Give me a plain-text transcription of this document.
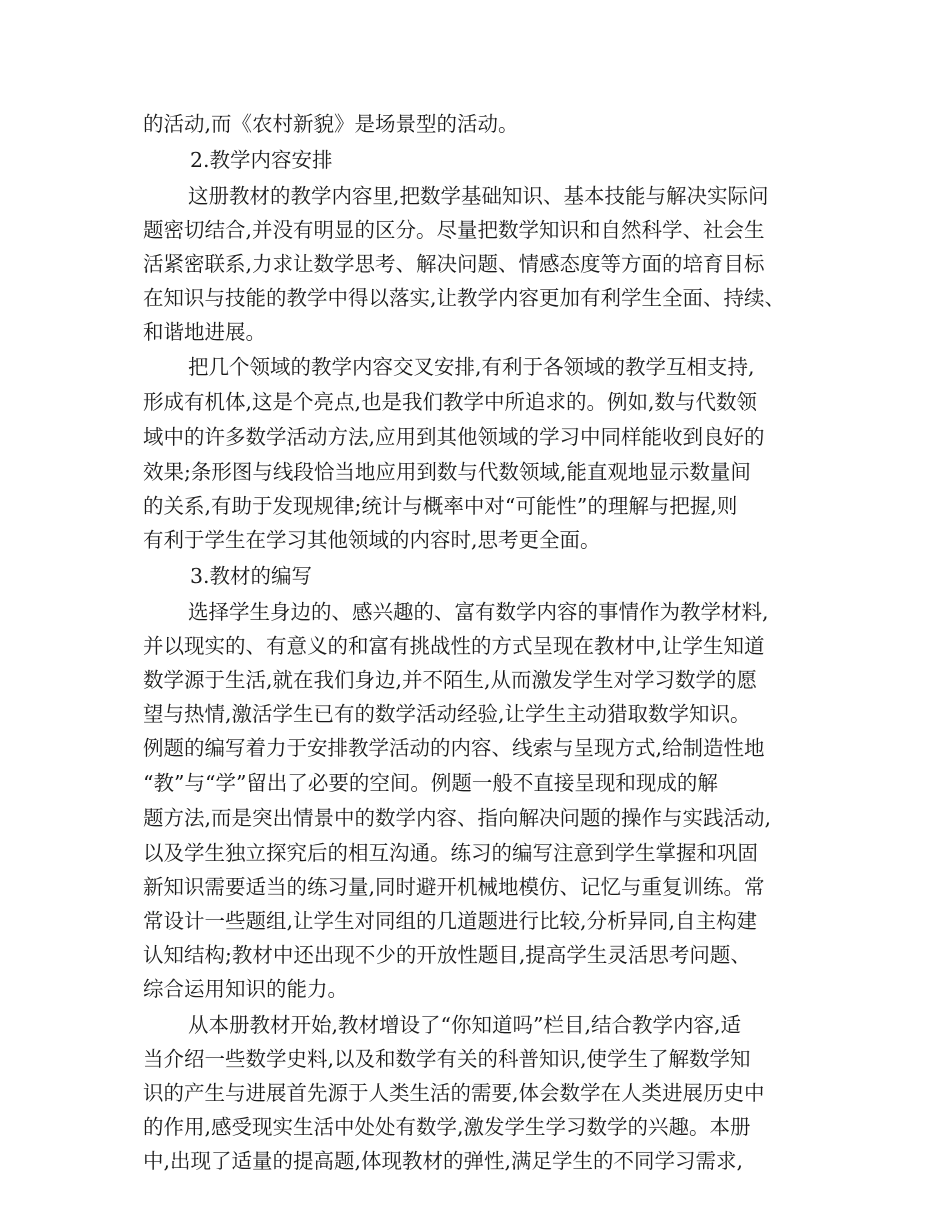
的活动,而《农村新貌》是场景型的活动。
2.教学内容安排
这册教材的教学内容里,把数学基础知识、基本技能与解决实际问
题密切结合,并没有明显的区分。尽量把数学知识和自然科学、社会生
活紧密联系,力求让数学思考、解决问题、情感态度等方面的培育目标
在知识与技能的教学中得以落实,让教学内容更加有利学生全面、持续、
和谐地进展。
把几个领域的教学内容交叉安排,有利于各领域的教学互相支持,
形成有机体,这是个亮点,也是我们教学中所追求的。例如,数与代数领
域中的许多数学活动方法,应用到其他领域的学习中同样能收到良好的
效果;条形图与线段恰当地应用到数与代数领域,能直观地显示数量间
的关系,有助于发现规律;统计与概率中对“可能性”的理解与把握,则
有利于学生在学习其他领域的内容时,思考更全面。
3.教材的编写
选择学生身边的、感兴趣的、富有数学内容的事情作为教学材料,
并以现实的、有意义的和富有挑战性的方式呈现在教材中,让学生知道
数学源于生活,就在我们身边,并不陌生,从而激发学生对学习数学的愿
望与热情,激活学生已有的数学活动经验,让学生主动猎取数学知识。
例题的编写着力于安排教学活动的内容、线索与呈现方式,给制造性地
“教”与“学”留出了必要的空间。例题一般不直接呈现和现成的解
题方法,而是突出情景中的数学内容、指向解决问题的操作与实践活动,
以及学生独立探究后的相互沟通。练习的编写注意到学生掌握和巩固
新知识需要适当的练习量,同时避开机械地模仿、记忆与重复训练。常
常设计一些题组,让学生对同组的几道题进行比较,分析异同,自主构建
认知结构;教材中还出现不少的开放性题目,提高学生灵活思考问题、
综合运用知识的能力。
从本册教材开始,教材增设了“你知道吗”栏目,结合教学内容,适
当介绍一些数学史料,以及和数学有关的科普知识,使学生了解数学知
识的产生与进展首先源于人类生活的需要,体会数学在人类进展历史中
的作用,感受现实生活中处处有数学,激发学生学习数学的兴趣。本册
中,出现了适量的提高题,体现教材的弹性,满足学生的不同学习需求,
